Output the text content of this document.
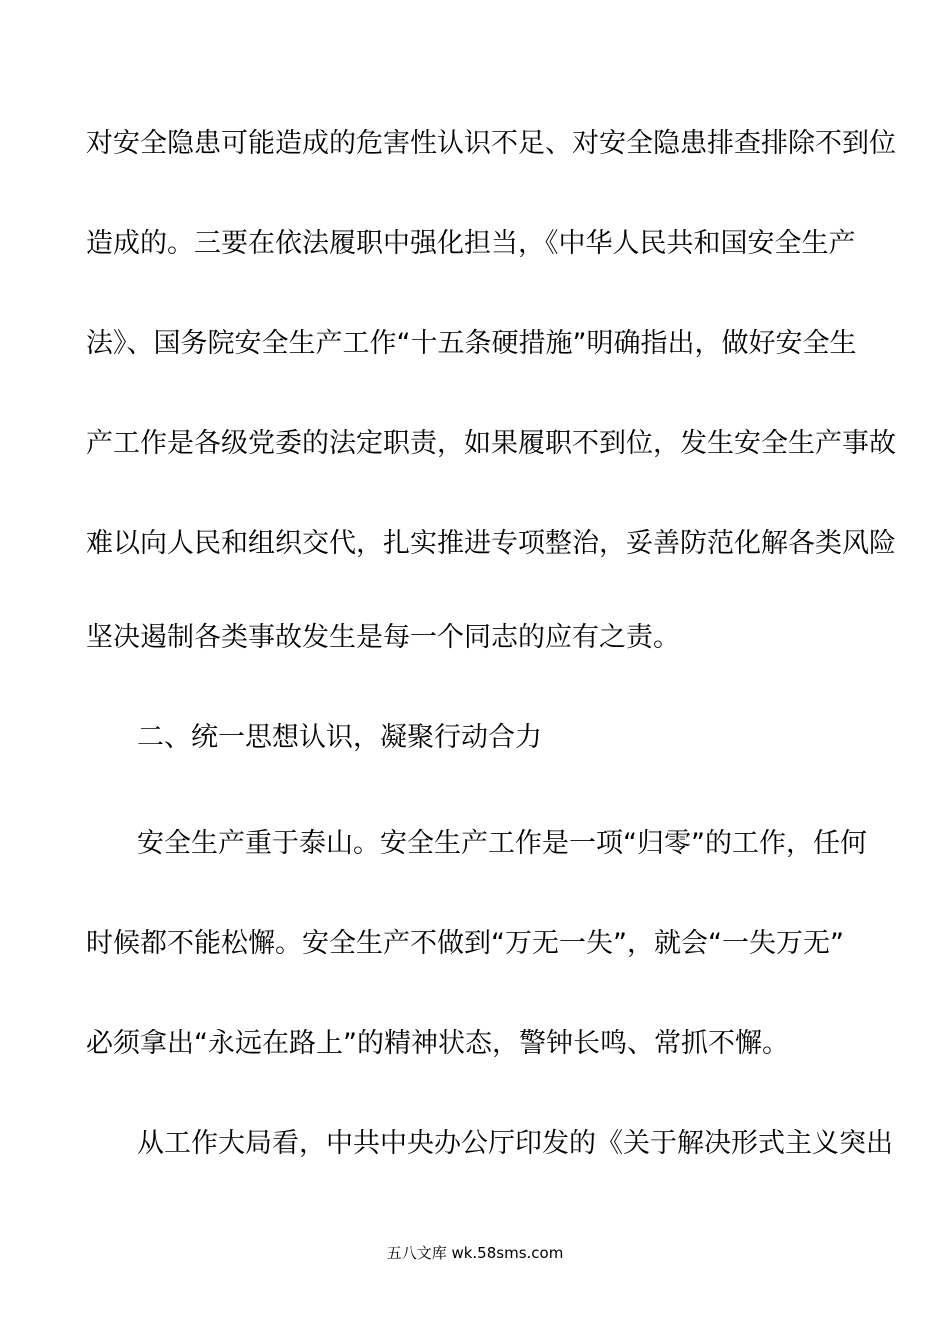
对安全隐患可能造成的危害性认识不足、对安全隐患排查排除不到位
造成的。三要在依法履职中强化担当，《中华人民共和国安全生产
法》、国务院安全生产工作“十五条硬措施”明确指出，做好安全生
产工作是各级党委的法定职责，如果履职不到位，发生安全生产事故
难以向人民和组织交代，扎实推进专项整治，妥善防范化解各类风险
坚决遏制各类事故发生是每一个同志的应有之责。
二、统一思想认识，凝聚行动合力
安全生产重于泰山。安全生产工作是一项“归零”的工作，任何
时候都不能松懈。安全生产不做到“万无一失”，就会“一失万无”
必须拿出“永远在路上”的精神状态，警钟长鸣、常抓不懈。
从工作大局看，中共中央办公厅印发的《关于解决形式主义突出
五八文库 wk.58sms.com
